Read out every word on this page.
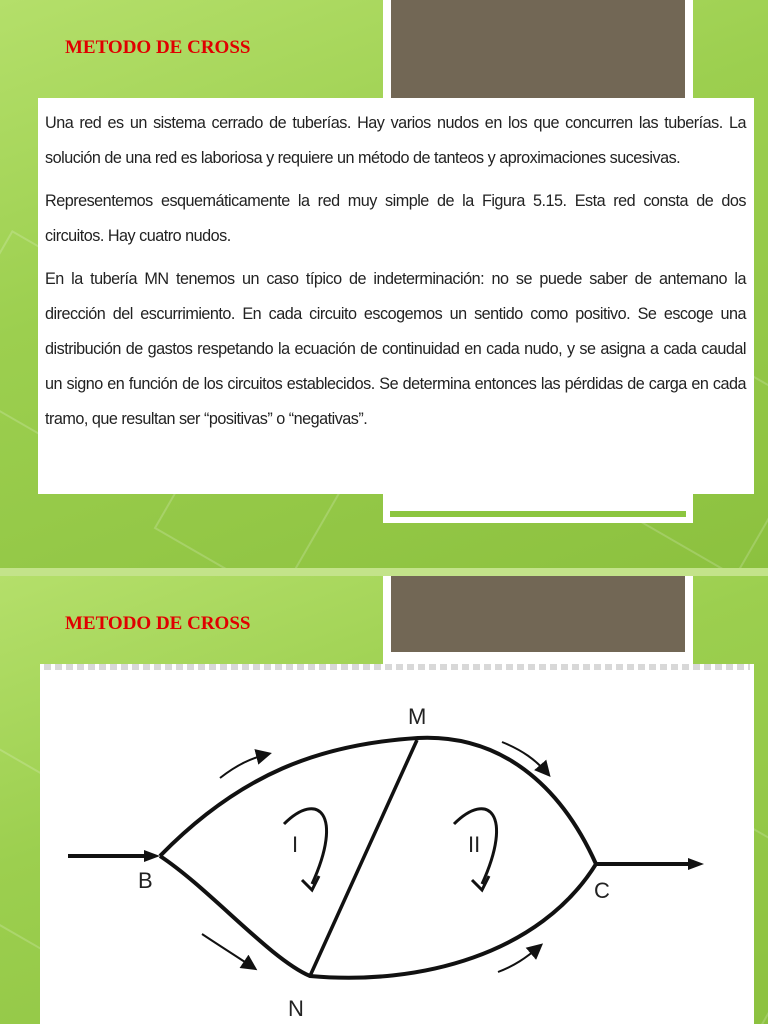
METODO DE CROSS

Una red es un sistema cerrado de tuberías. Hay varios nudos en los que concurren las tuberías. La solución de una red es laboriosa y requiere un método de tanteos y aproximaciones sucesivas.

Representemos esquemáticamente la red muy simple de la Figura 5.15. Esta red consta de dos circuitos. Hay cuatro nudos.

En la tubería MN tenemos un caso típico de indeterminación: no se puede saber de antemano la dirección del escurrimiento. En cada circuito escogemos un sentido como positivo. Se escoge una distribución de gastos respetando la ecuación de continuidad en cada nudo, y se asigna a cada caudal un signo en función de los circuitos establecidos. Se determina entonces las pérdidas de carga en cada tramo, que resultan ser “positivas” o “negativas”.

METODO DE CROSS
M
B	C
N
I	II
